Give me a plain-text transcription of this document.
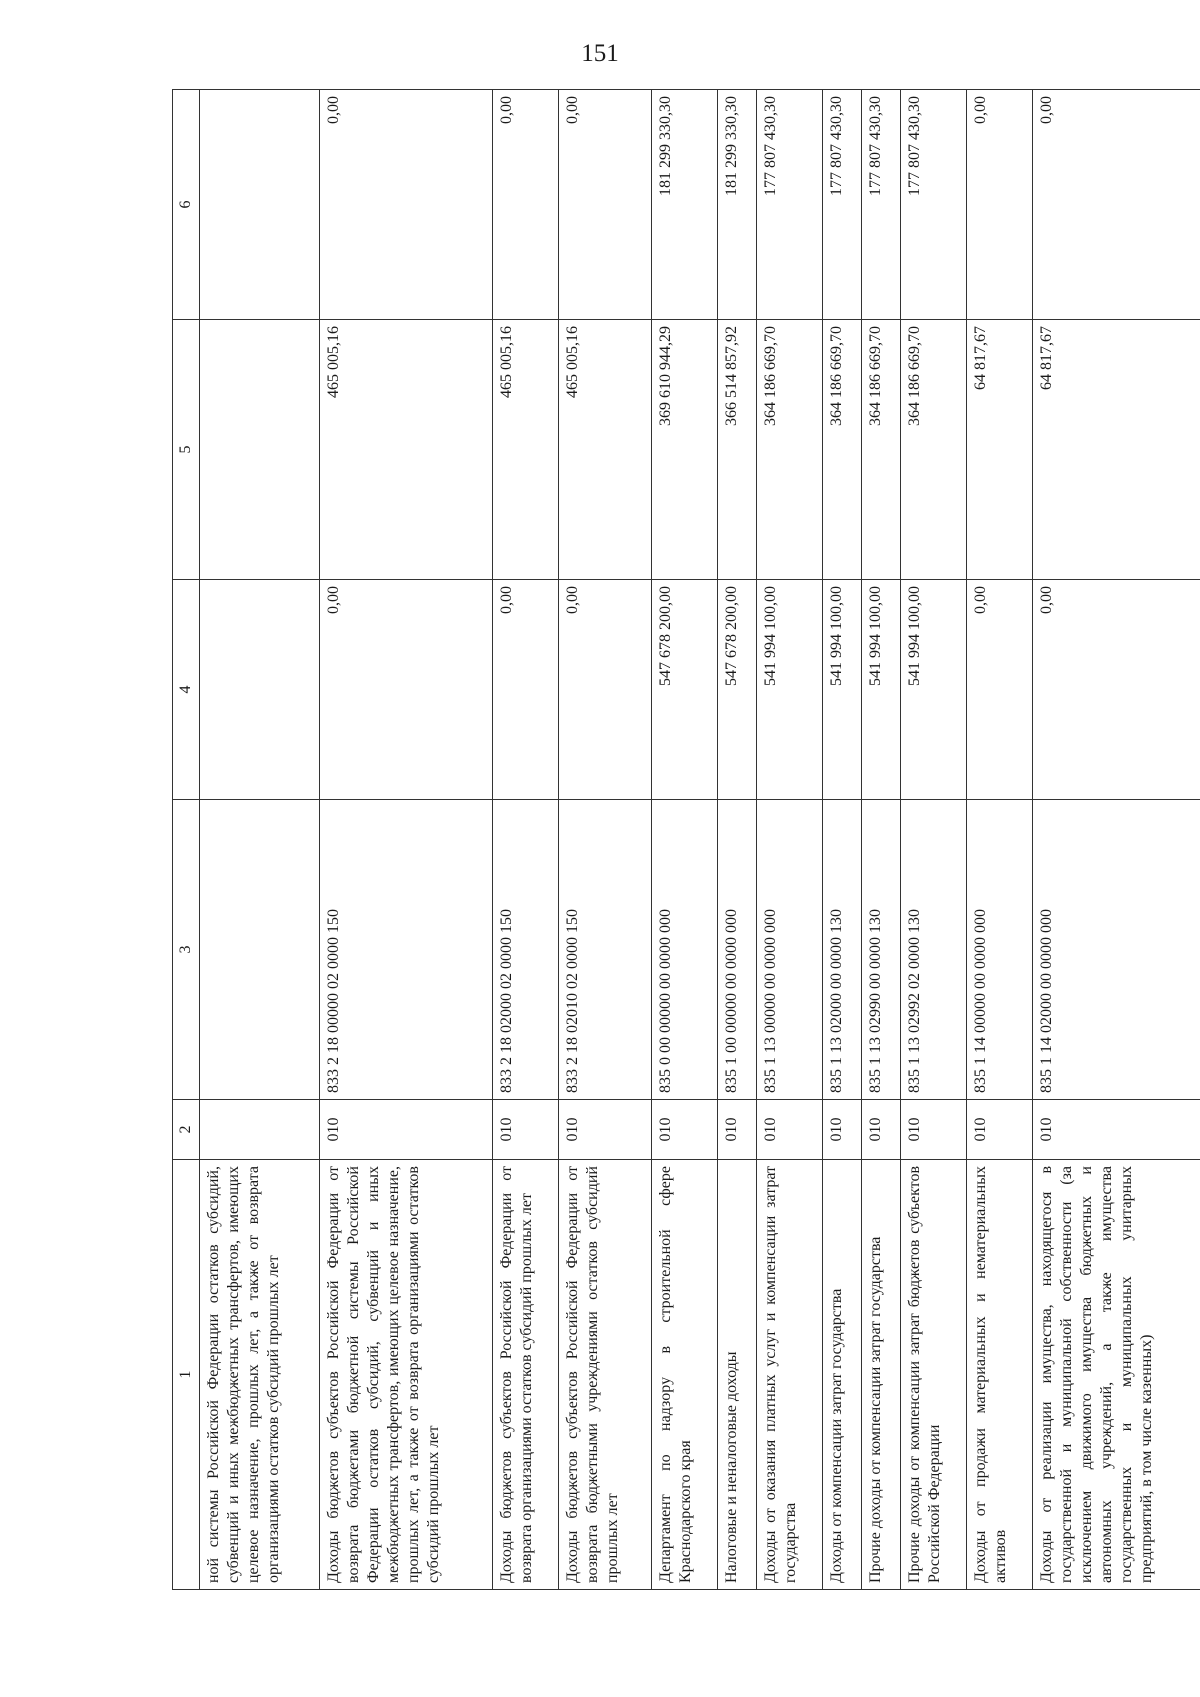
151
1	2	3	4	5	6
ной системы Российской Федерации остатков субсидий, субвенций и иных межбюджетных трансфертов, имеющих целевое назначение, прошлых лет, а также от возврата организациями остатков субсидий прошлых лет					
Доходы бюджетов субъектов Российской Федерации от возврата бюджетами бюджетной системы Российской Федерации остатков субсидий, субвенций и иных межбюджетных трансфертов, имеющих целевое назначение, прошлых лет, а также от возврата организациями остатков субсидий прошлых лет	010	833 2 18 00000 02 0000 150	0,00	465 005,16	0,00
Доходы бюджетов субъектов Российской Федерации от возврата организациями остатков субсидий прошлых лет	010	833 2 18 02000 02 0000 150	0,00	465 005,16	0,00
Доходы бюджетов субъектов Российской Федерации от возврата бюджетными учреждениями остатков субсидий прошлых лет	010	833 2 18 02010 02 0000 150	0,00	465 005,16	0,00
Департамент по надзору в строительной сфере Краснодарского края	010	835 0 00 00000 00 0000 000	547 678 200,00	369 610 944,29	181 299 330,30
Налоговые и неналоговые доходы	010	835 1 00 00000 00 0000 000	547 678 200,00	366 514 857,92	181 299 330,30
Доходы от оказания платных услуг и компенсации затрат государства	010	835 1 13 00000 00 0000 000	541 994 100,00	364 186 669,70	177 807 430,30
Доходы от компенсации затрат государства	010	835 1 13 02000 00 0000 130	541 994 100,00	364 186 669,70	177 807 430,30
Прочие доходы от компенсации затрат государства	010	835 1 13 02990 00 0000 130	541 994 100,00	364 186 669,70	177 807 430,30
Прочие доходы от компенсации затрат бюджетов субъектов Российской Федерации	010	835 1 13 02992 02 0000 130	541 994 100,00	364 186 669,70	177 807 430,30
Доходы от продажи материальных и нематериальных активов	010	835 1 14 00000 00 0000 000	0,00	64 817,67	0,00
Доходы от реализации имущества, находящегося в государственной и муниципальной собственности (за исключением движимого имущества бюджетных и автономных учреждений, а также имущества государственных и муниципальных унитарных предприятий, в том числе казенных)	010	835 1 14 02000 00 0000 000	0,00	64 817,67	0,00
